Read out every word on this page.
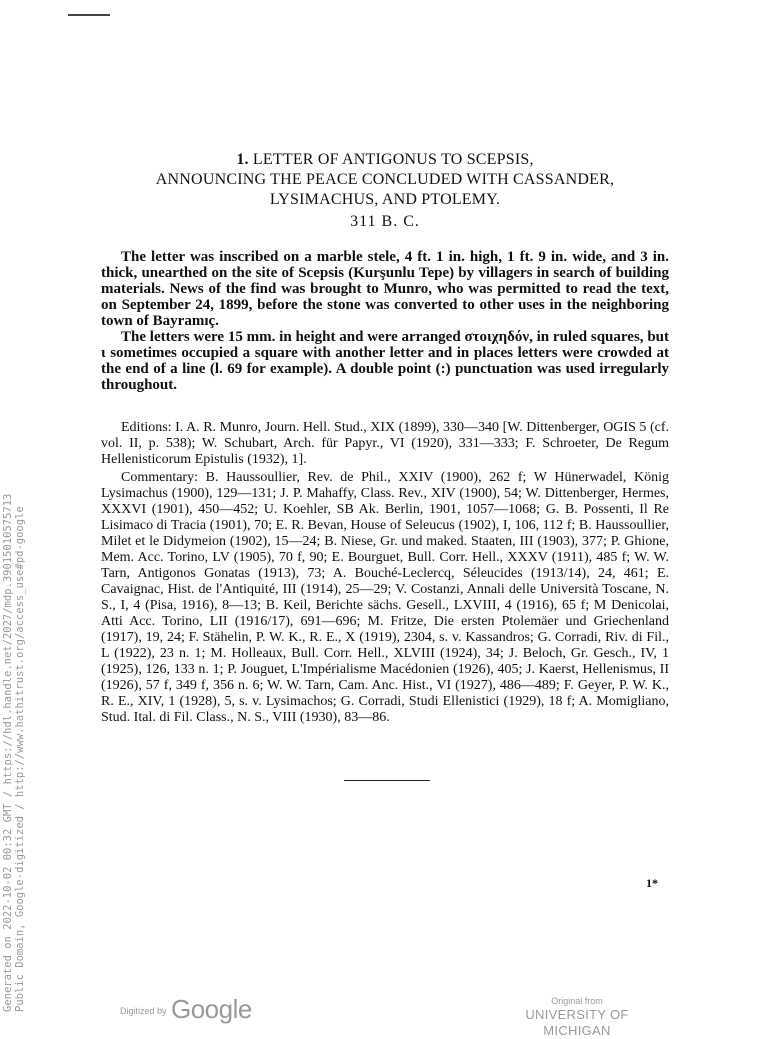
1. LETTER OF ANTIGONUS TO SCEPSIS,
ANNOUNCING THE PEACE CONCLUDED WITH CASSANDER,
LYSIMACHUS, AND PTOLEMY.
311 B. C.

The letter was inscribed on a marble stele, 4 ft. 1 in. high, 1 ft. 9 in. wide, and 3 in. thick, unearthed on the site of Scepsis (Kurşunlu Tepe) by villagers in search of building materials. News of the find was brought to Munro, who was permitted to read the text, on September 24, 1899, before the stone was converted to other uses in the neighboring town of Bayramıç.

The letters were 15 mm. in height and were arranged στοιχηδόν, in ruled squares, but ι sometimes occupied a square with another letter and in places letters were crowded at the end of a line (l. 69 for example). A double point (:) punctuation was used irregularly throughout.

Editions: I. A. R. Munro, Journ. Hell. Stud., XIX (1899), 330—340 [W. Dittenberger, OGIS 5 (cf. vol. II, p. 538); W. Schubart, Arch. für Papyr., VI (1920), 331—333; F. Schroeter, De Regum Hellenisticorum Epistulis (1932), 1].

Commentary: B. Haussoullier, Rev. de Phil., XXIV (1900), 262 f; W Hünerwadel, König Lysimachus (1900), 129—131; J. P. Mahaffy, Class. Rev., XIV (1900), 54; W. Dittenberger, Hermes, XXXVI (1901), 450—452; U. Koehler, SB Ak. Berlin, 1901, 1057—1068; G. B. Possenti, Il Re Lisimaco di Tracia (1901), 70; E. R. Bevan, House of Seleucus (1902), I, 106, 112 f; B. Haussoullier, Milet et le Didymeion (1902), 15—24; B. Niese, Gr. und maked. Staaten, III (1903), 377; P. Ghione, Mem. Acc. Torino, LV (1905), 70 f, 90; E. Bourguet, Bull. Corr. Hell., XXXV (1911), 485 f; W. W. Tarn, Antigonos Gonatas (1913), 73; A. Bouché-Leclercq, Séleucides (1913/14), 24, 461; E. Cavaignac, Hist. de l'Antiquité, III (1914), 25—29; V. Costanzi, Annali delle Università Toscane, N. S., I, 4 (Pisa, 1916), 8—13; B. Keil, Berichte sächs. Gesell., LXVIII, 4 (1916), 65 f; M Denicolai, Atti Acc. Torino, LII (1916/17), 691—696; M. Fritze, Die ersten Ptolemäer und Griechenland (1917), 19, 24; F. Stähelin, P. W. K., R. E., X (1919), 2304, s. v. Kassandros; G. Corradi, Riv. di Fil., L (1922), 23 n. 1; M. Holleaux, Bull. Corr. Hell., XLVIII (1924), 34; J. Beloch, Gr. Gesch., IV, 1 (1925), 126, 133 n. 1; P. Jouguet, L'Impérialisme Macédonien (1926), 405; J. Kaerst, Hellenismus, II (1926), 57 f, 349 f, 356 n. 6; W. W. Tarn, Cam. Anc. Hist., VI (1927), 486—489; F. Geyer, P. W. K., R. E., XIV, 1 (1928), 5, s. v. Lysimachos; G. Corradi, Studi Ellenistici (1929), 18 f; A. Momigliano, Stud. Ital. di Fil. Class., N. S., VIII (1930), 83—86.

1*
Generated on 2022-10-02 00:32 GMT / https://hdl.handle.net/2027/mdp.39015010575713 Public Domain, Google-digitized / http://www.hathitrust.org/access_use#pd-google	$^{Digitized by}$ Google	Original from
UNIVERSITY OF MICHIGAN
